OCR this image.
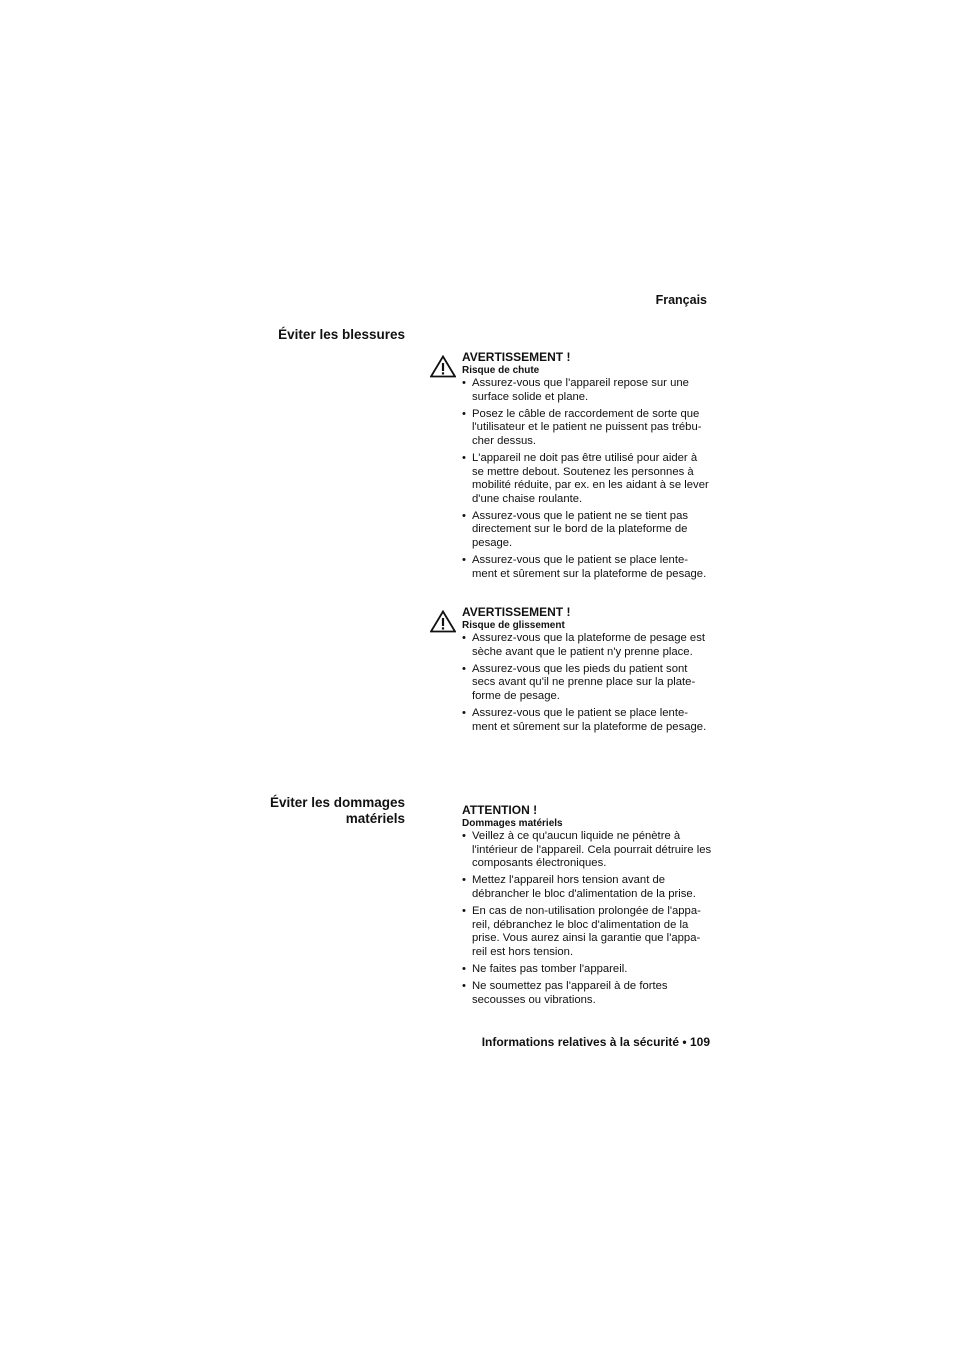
Français
Éviter les blessures
AVERTISSEMENT !
Risque de chute
• Assurez-vous que l'appareil repose sur une surface solide et plane.
• Posez le câble de raccordement de sorte que l'utilisateur et le patient ne puissent pas trébu-cher dessus.
• L'appareil ne doit pas être utilisé pour aider à se mettre debout. Soutenez les personnes à mobilité réduite, par ex. en les aidant à se lever d'une chaise roulante.
• Assurez-vous que le patient ne se tient pas directement sur le bord de la plateforme de pesage.
• Assurez-vous que le patient se place lente-ment et sûrement sur la plateforme de pesage.
AVERTISSEMENT !
Risque de glissement
• Assurez-vous que la plateforme de pesage est sèche avant que le patient n'y prenne place.
• Assurez-vous que les pieds du patient sont secs avant qu'il ne prenne place sur la plate-forme de pesage.
• Assurez-vous que le patient se place lente-ment et sûrement sur la plateforme de pesage.
Éviter les dommages
matériels
ATTENTION !
Dommages matériels
• Veillez à ce qu'aucun liquide ne pénètre à l'intérieur de l'appareil. Cela pourrait détruire les composants électroniques.
• Mettez l'appareil hors tension avant de débrancher le bloc d'alimentation de la prise.
• En cas de non-utilisation prolongée de l'appa-reil, débranchez le bloc d'alimentation de la prise. Vous aurez ainsi la garantie que l'appa-reil est hors tension.
• Ne faites pas tomber l'appareil.
• Ne soumettez pas l'appareil à de fortes secousses ou vibrations.
Informations relatives à la sécurité • 109
